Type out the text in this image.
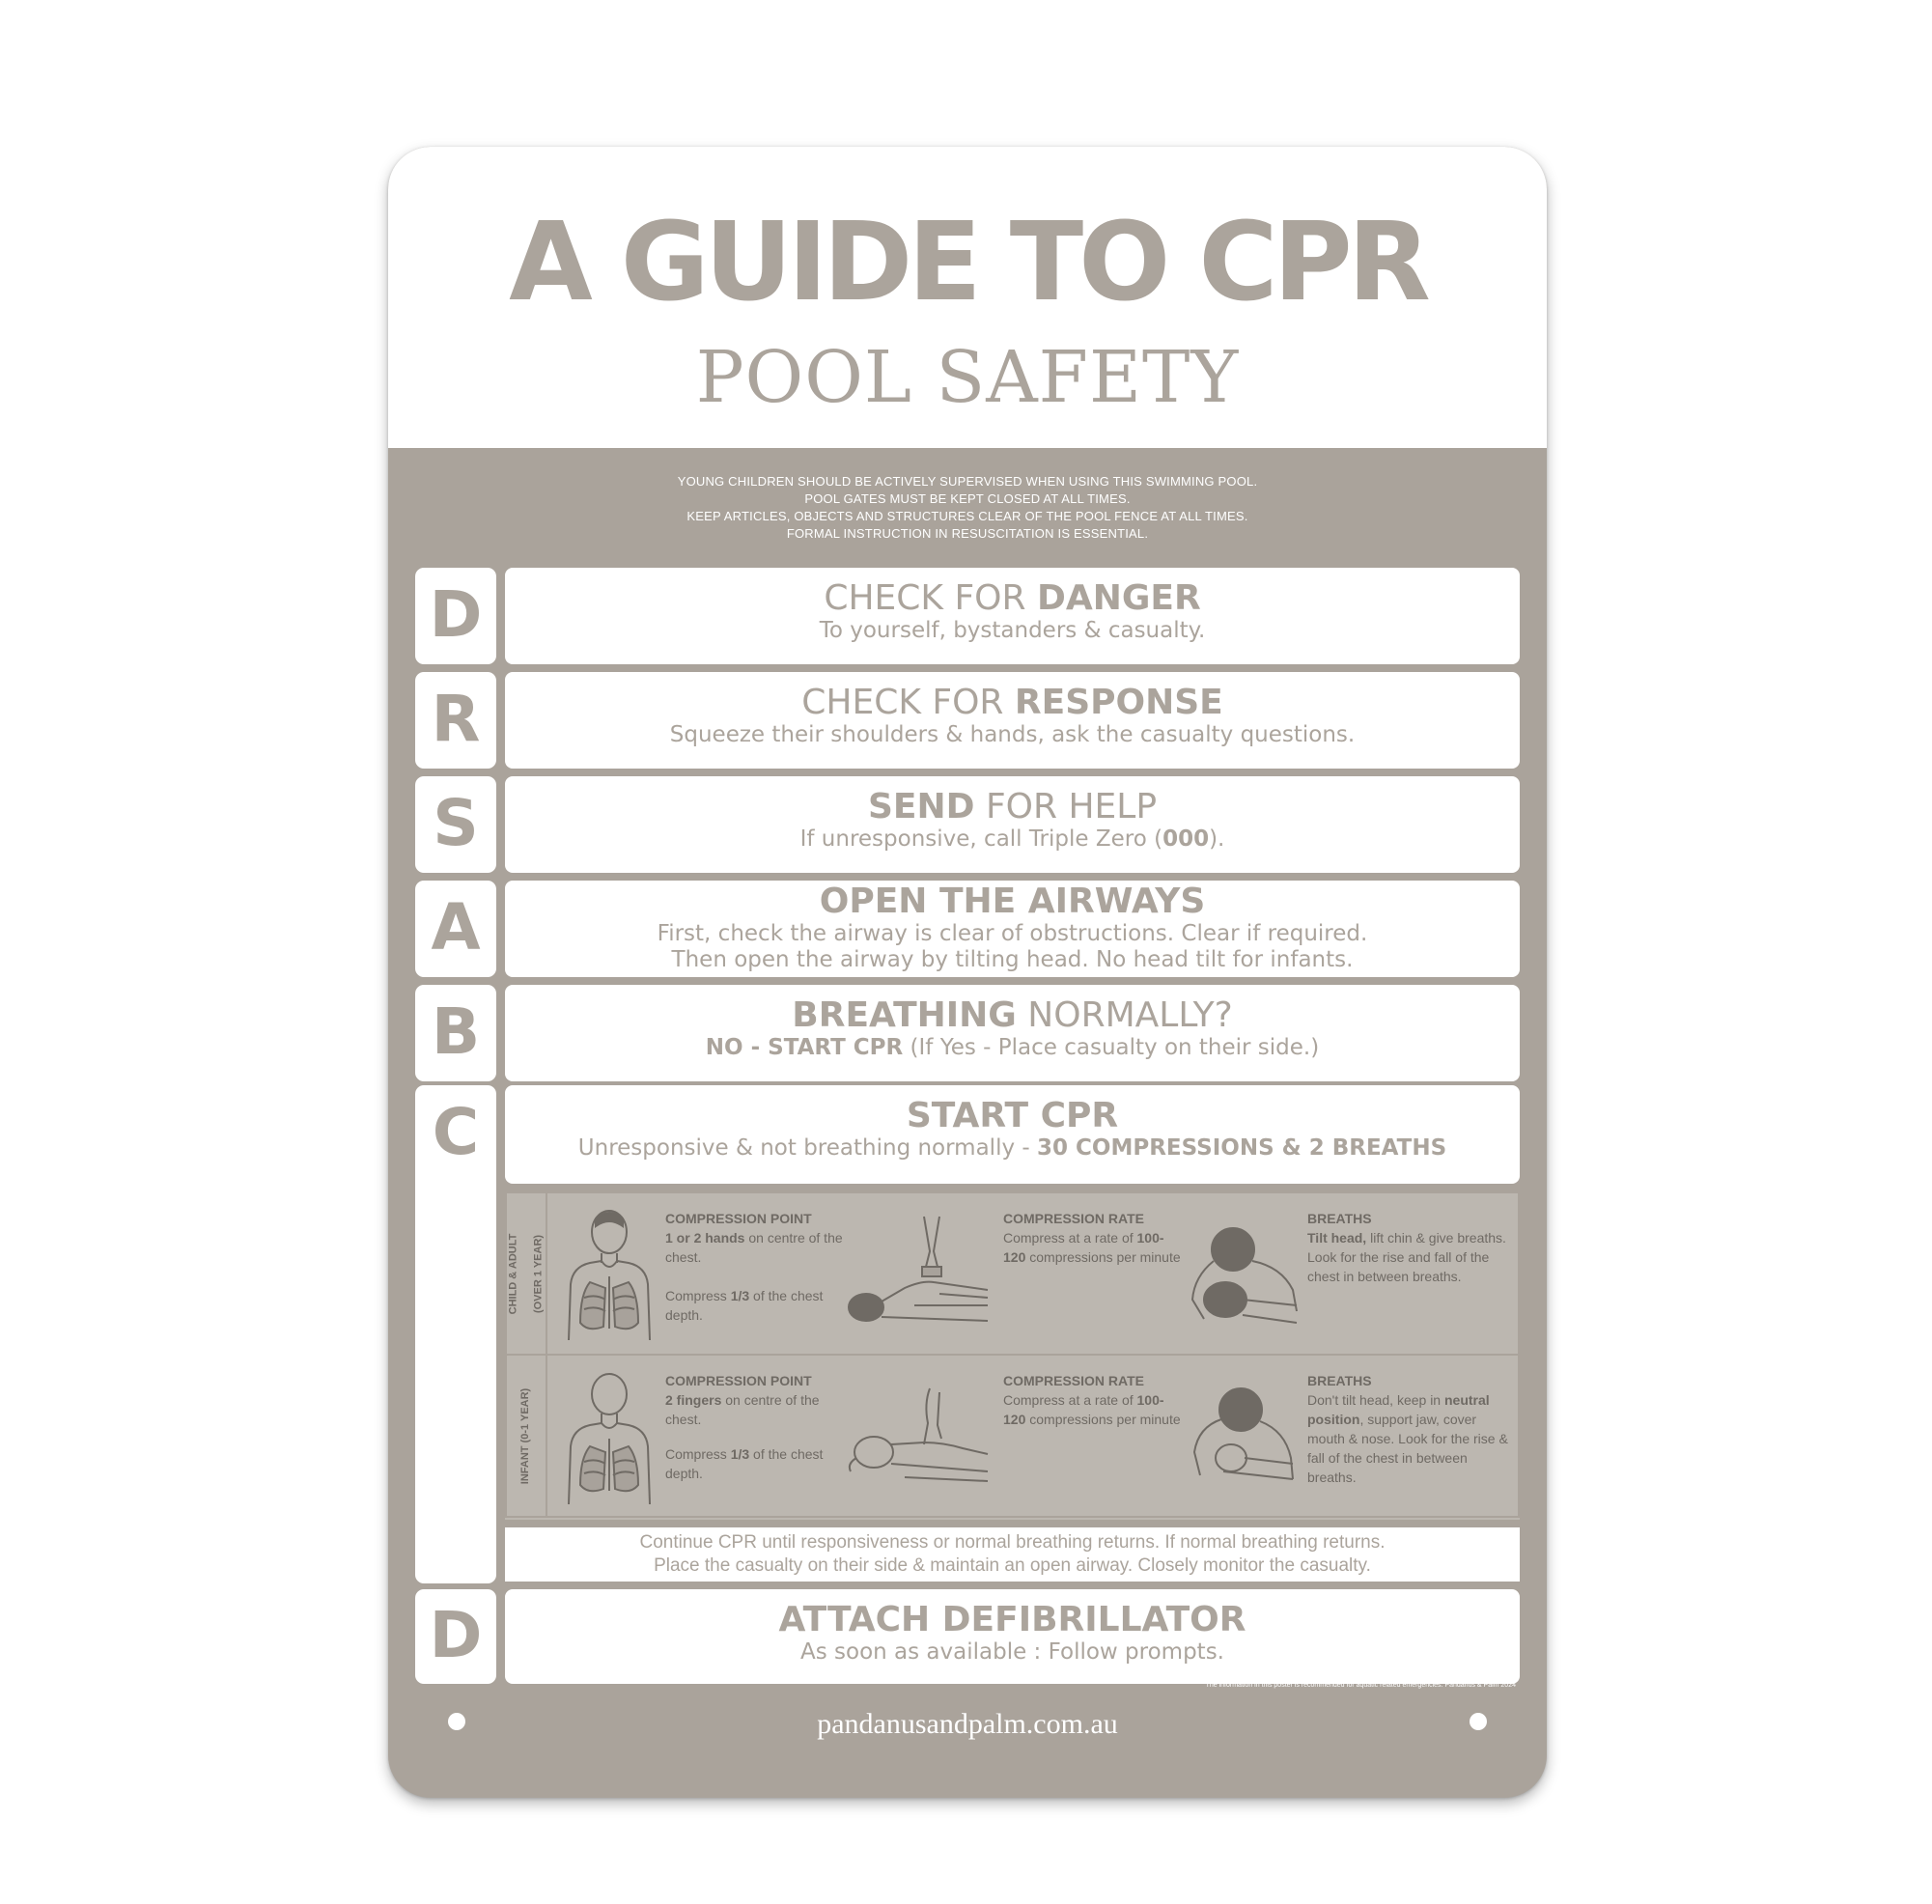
A GUIDE TO CPR
POOL SAFETY
YOUNG CHILDREN SHOULD BE ACTIVELY SUPERVISED WHEN USING THIS SWIMMING POOL.
POOL GATES MUST BE KEPT CLOSED AT ALL TIMES.
KEEP ARTICLES, OBJECTS AND STRUCTURES CLEAR OF THE POOL FENCE AT ALL TIMES.
FORMAL INSTRUCTION IN RESUSCITATION IS ESSENTIAL.
D	CHECK FOR DANGER
To yourself, bystanders & casualty.
R	CHECK FOR RESPONSE
Squeeze their shoulders & hands, ask the casualty questions.
S	SEND FOR HELP
If unresponsive, call Triple Zero (000).
A	OPEN THE AIRWAYS
First, check the airway is clear of obstructions. Clear if required.
Then open the airway by tilting head. No head tilt for infants.
B	BREATHING NORMALLY?
NO - START CPR (If Yes - Place casualty on their side.)
C	START CPR
Unresponsive & not breathing normally - 30 COMPRESSIONS & 2 BREATHS
CHILD & ADULT (OVER 1 YEAR)
COMPRESSION POINT
1 or 2 hands on centre of the chest.
Compress 1/3 of the chest depth.
COMPRESSION RATE
Compress at a rate of 100-120 compressions per minute
BREATHS
Tilt head, lift chin & give breaths. Look for the rise and fall of the chest in between breaths.
INFANT (0-1 YEAR)
COMPRESSION POINT
2 fingers on centre of the chest.
Compress 1/3 of the chest depth.
COMPRESSION RATE
Compress at a rate of 100-120 compressions per minute
BREATHS
Don't tilt head, keep in neutral position, support jaw, cover mouth & nose. Look for the rise & fall of the chest in between breaths.
Continue CPR until responsiveness or normal breathing returns. If normal breathing returns.
Place the casualty on their side & maintain an open airway. Closely monitor the casualty.
D	ATTACH DEFIBRILLATOR
As soon as available : Follow prompts.
The information in this poster is recommended for aquatic related emergencies. Pandanus & Palm 2024
pandanusandpalm.com.au
